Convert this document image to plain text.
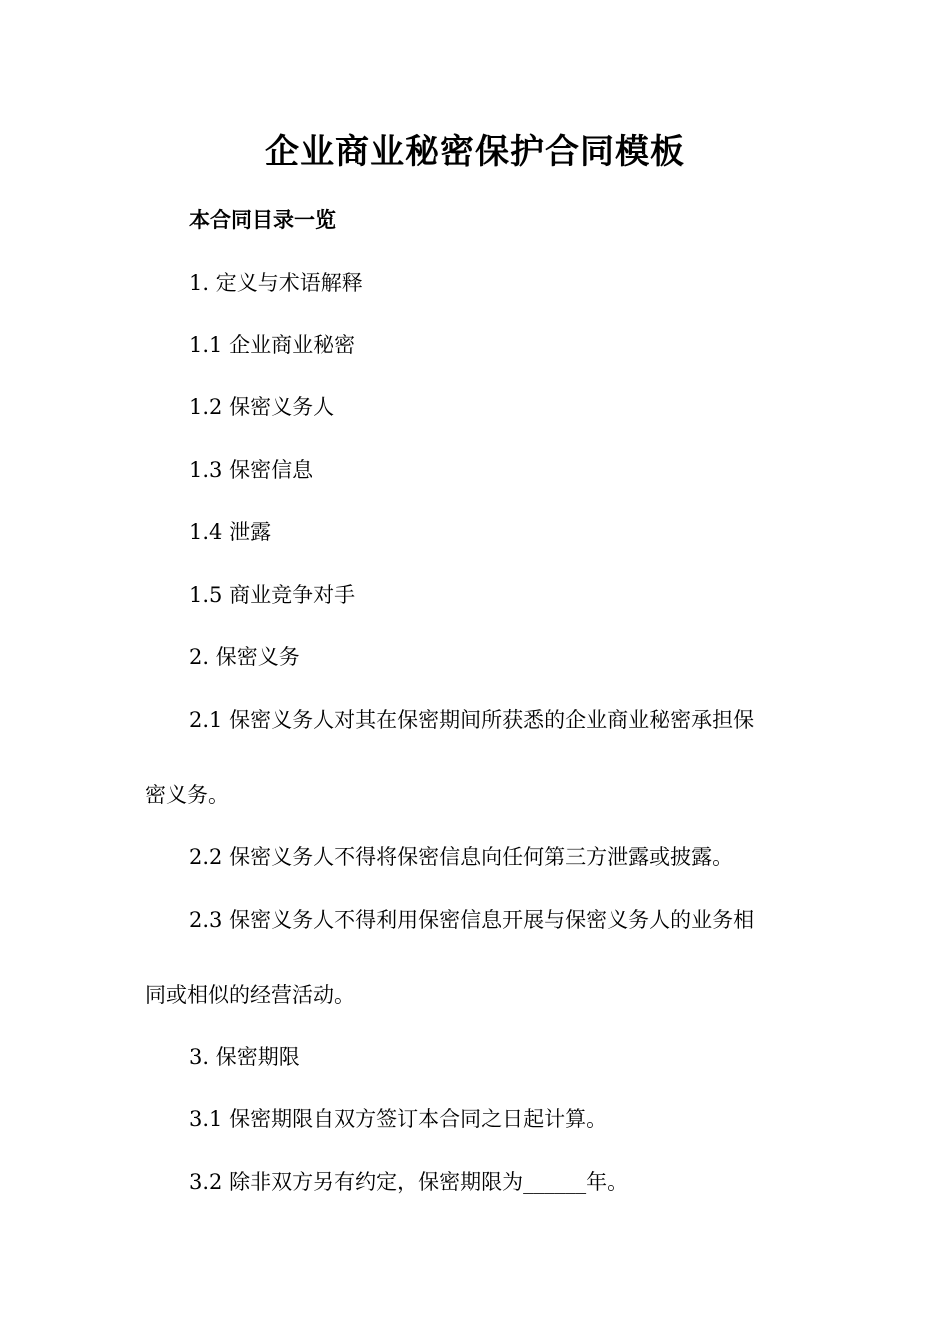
企业商业秘密保护合同模板
本合同目录一览
1. 定义与术语解释
1.1 企业商业秘密
1.2 保密义务人
1.3 保密信息
1.4 泄露
1.5 商业竞争对手
2. 保密义务
2.1 保密义务人对其在保密期间所获悉的企业商业秘密承担保
密义务。
2.2 保密义务人不得将保密信息向任何第三方泄露或披露。
2.3 保密义务人不得利用保密信息开展与保密义务人的业务相
同或相似的经营活动。
3. 保密期限
3.1 保密期限自双方签订本合同之日起计算。
3.2 除非双方另有约定，保密期限为______年。
